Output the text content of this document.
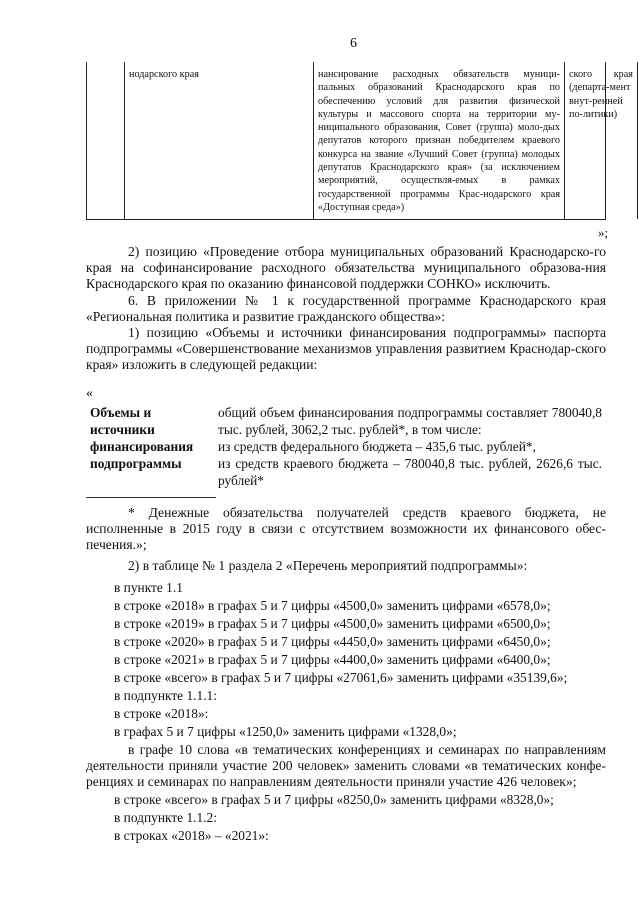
6
нодарского края	нансирование расходных обязательств муници-пальных образований Краснодарского края по обеспечению условий для развития физической культуры и массового спорта на территории му-ниципального образования, Совет (группа) моло-дых депутатов которого признан победителем краевого конкурса на звание «Лучший Совет (группа) молодых депутатов Краснодарского края» (за исключением мероприятий, осуществля-емых в рамках государственной программы Крас-нодарского края «Доступная среда»)
ского края (департа-мент внут-ренней по-литики)
»;
2) позицию «Проведение отбора муниципальных образований Краснодарско-го края на софинансирование расходного обязательства муниципального образова-ния Краснодарского края по оказанию финансовой поддержки СОНКО» исключить.
6. В приложении № 1 к государственной программе Краснодарского края «Региональная политика и развитие гражданского общества»:
1) позицию «Объемы и источники финансирования подпрограммы» паспорта подпрограммы «Совершенствование механизмов управления развитием Краснодар-ского края» изложить в следующей редакции:
«
Объемы и источники финансирования подпрограммы
общий объем финансирования подпрограммы составляет 780040,8 тыс. рублей, 3062,2 тыс. рублей*, в том числе:
из средств федерального бюджета – 435,6 тыс. рублей*,
из средств краевого бюджета – 780040,8 тыс. рублей, 2626,6 тыс. рублей*
* Денежные обязательства получателей средств краевого бюджета, не исполненные в 2015 году в связи с отсутствием возможности их финансового обес-печения.»;
2) в таблице № 1 раздела 2 «Перечень мероприятий подпрограммы»:
в пункте 1.1
в строке «2018» в графах 5 и 7 цифры «4500,0» заменить цифрами «6578,0»;
в строке «2019» в графах 5 и 7 цифры «4500,0» заменить цифрами «6500,0»;
в строке «2020» в графах 5 и 7 цифры «4450,0» заменить цифрами «6450,0»;
в строке «2021» в графах 5 и 7 цифры «4400,0» заменить цифрами «6400,0»;
в строке «всего» в графах 5 и 7 цифры «27061,6» заменить цифрами «35139,6»;
в подпункте 1.1.1:
в строке «2018»:
в графах 5 и 7 цифры «1250,0» заменить цифрами «1328,0»;
в графе 10 слова «в тематических конференциях и семинарах по направлениям деятельности приняли участие 200 человек» заменить словами «в тематических конфе-ренциях и семинарах по направлениям деятельности приняли участие 426 человек»;
в строке «всего» в графах 5 и 7 цифры «8250,0» заменить цифрами «8328,0»;
в подпункте 1.1.2:
в строках «2018» – «2021»:
